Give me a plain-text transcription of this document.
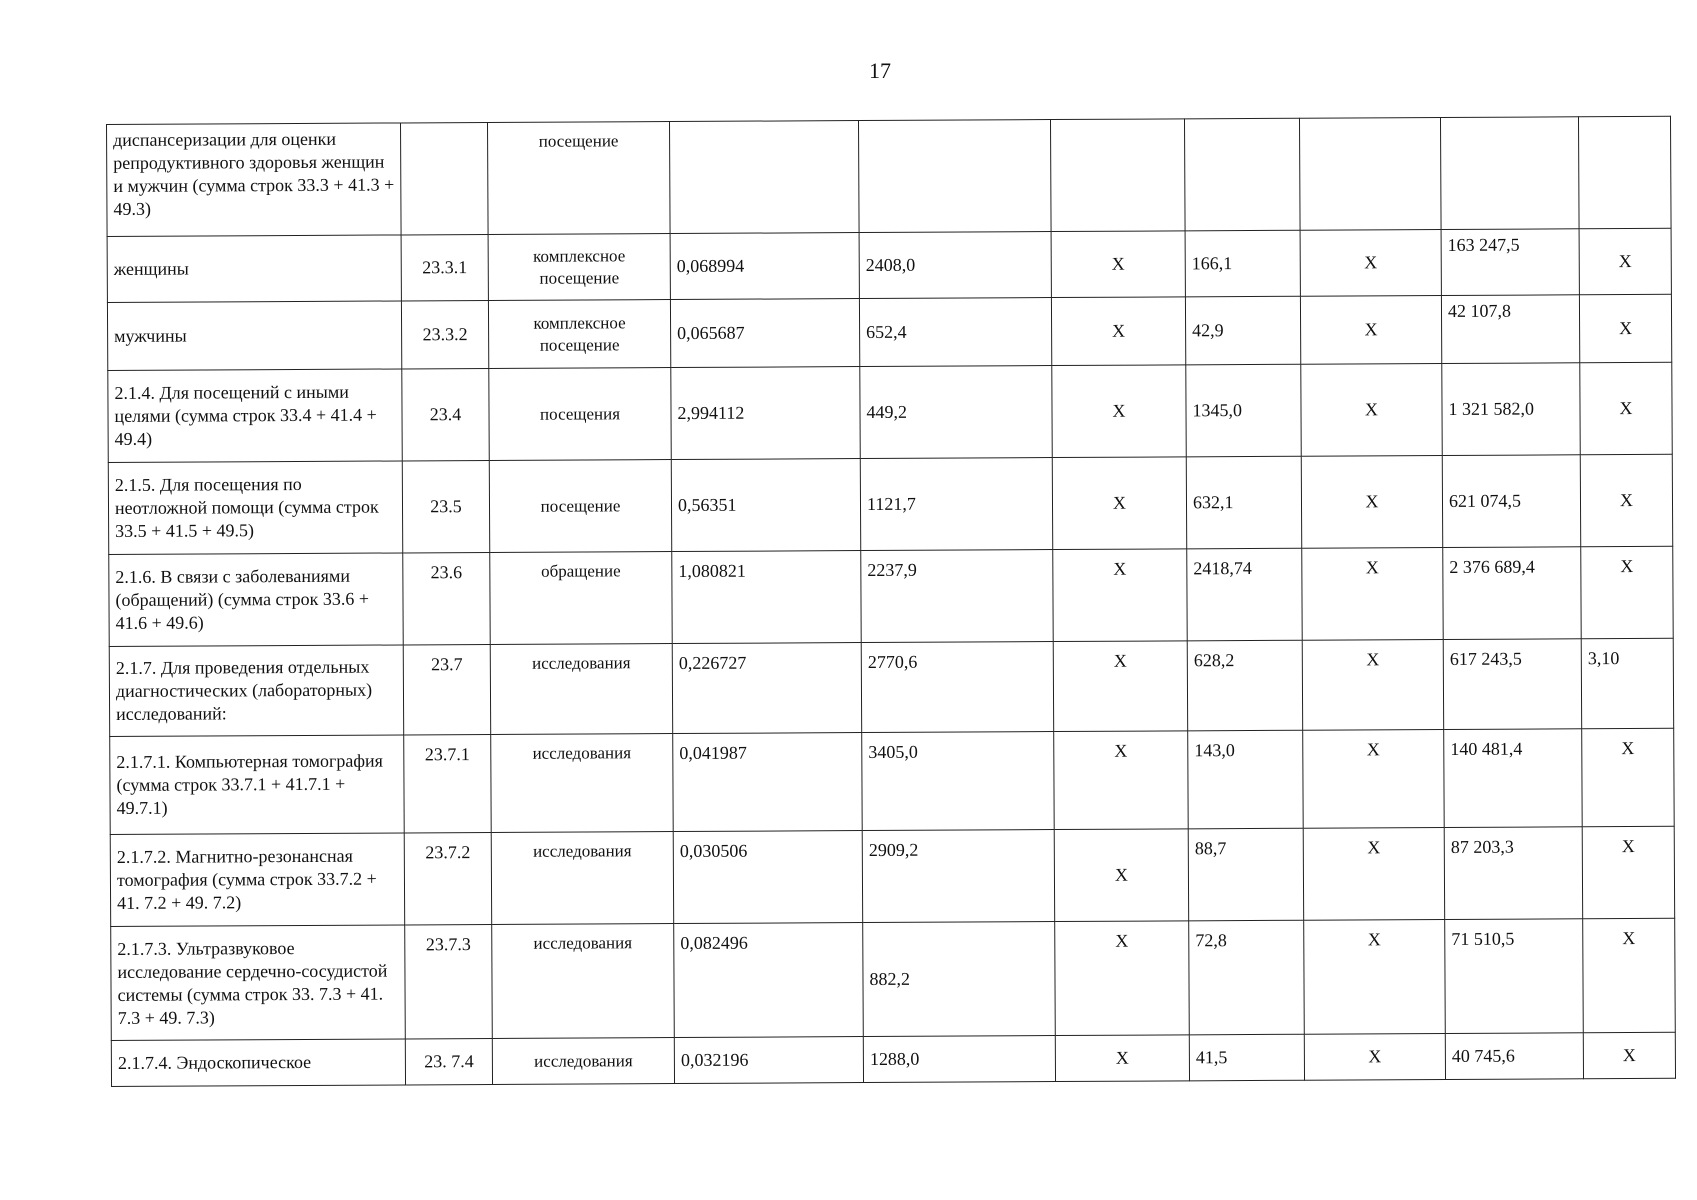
17
диспансеризации для оценки репродуктивного здоровья женщин и мужчин (сумма строк 33.3 + 41.3 + 49.3)		посещение							
женщины	23.3.1	комплексное посещение	0,068994	2408,0	X	166,1	X	163 247,5	X
мужчины	23.3.2	комплексное посещение	0,065687	652,4	X	42,9	X	42 107,8	X
2.1.4. Для посещений с иными целями (сумма строк 33.4 + 41.4 + 49.4)	23.4	посещения	2,994112	449,2	X	1345,0	X	1 321 582,0	X
2.1.5. Для посещения по неотложной помощи (сумма строк 33.5 + 41.5 + 49.5)	23.5	посещение	0,56351	1121,7	X	632,1	X	621 074,5	X
2.1.6. В связи с заболеваниями (обращений) (сумма строк 33.6 + 41.6 + 49.6)	23.6	обращение	1,080821	2237,9	X	2418,74	X	2 376 689,4	X
2.1.7. Для проведения отдельных диагностических (лабораторных) исследований:	23.7	исследования	0,226727	2770,6	X	628,2	X	617 243,5	3,10
2.1.7.1. Компьютерная томография (сумма строк 33.7.1 + 41.7.1 + 49.7.1)	23.7.1	исследования	0,041987	3405,0	X	143,0	X	140 481,4	X
2.1.7.2. Магнитно-резонансная томография (сумма строк 33.7.2 + 41. 7.2 + 49. 7.2)	23.7.2	исследования	0,030506	2909,2	X	88,7	X	87 203,3	X
2.1.7.3. Ультразвуковое исследование сердечно-сосудистой системы (сумма строк 33. 7.3 + 41. 7.3 + 49. 7.3)	23.7.3	исследования	0,082496	882,2	X	72,8	X	71 510,5	X
2.1.7.4. Эндоскопическое	23. 7.4	исследования	0,032196	1288,0	X	41,5	X	40 745,6	X
